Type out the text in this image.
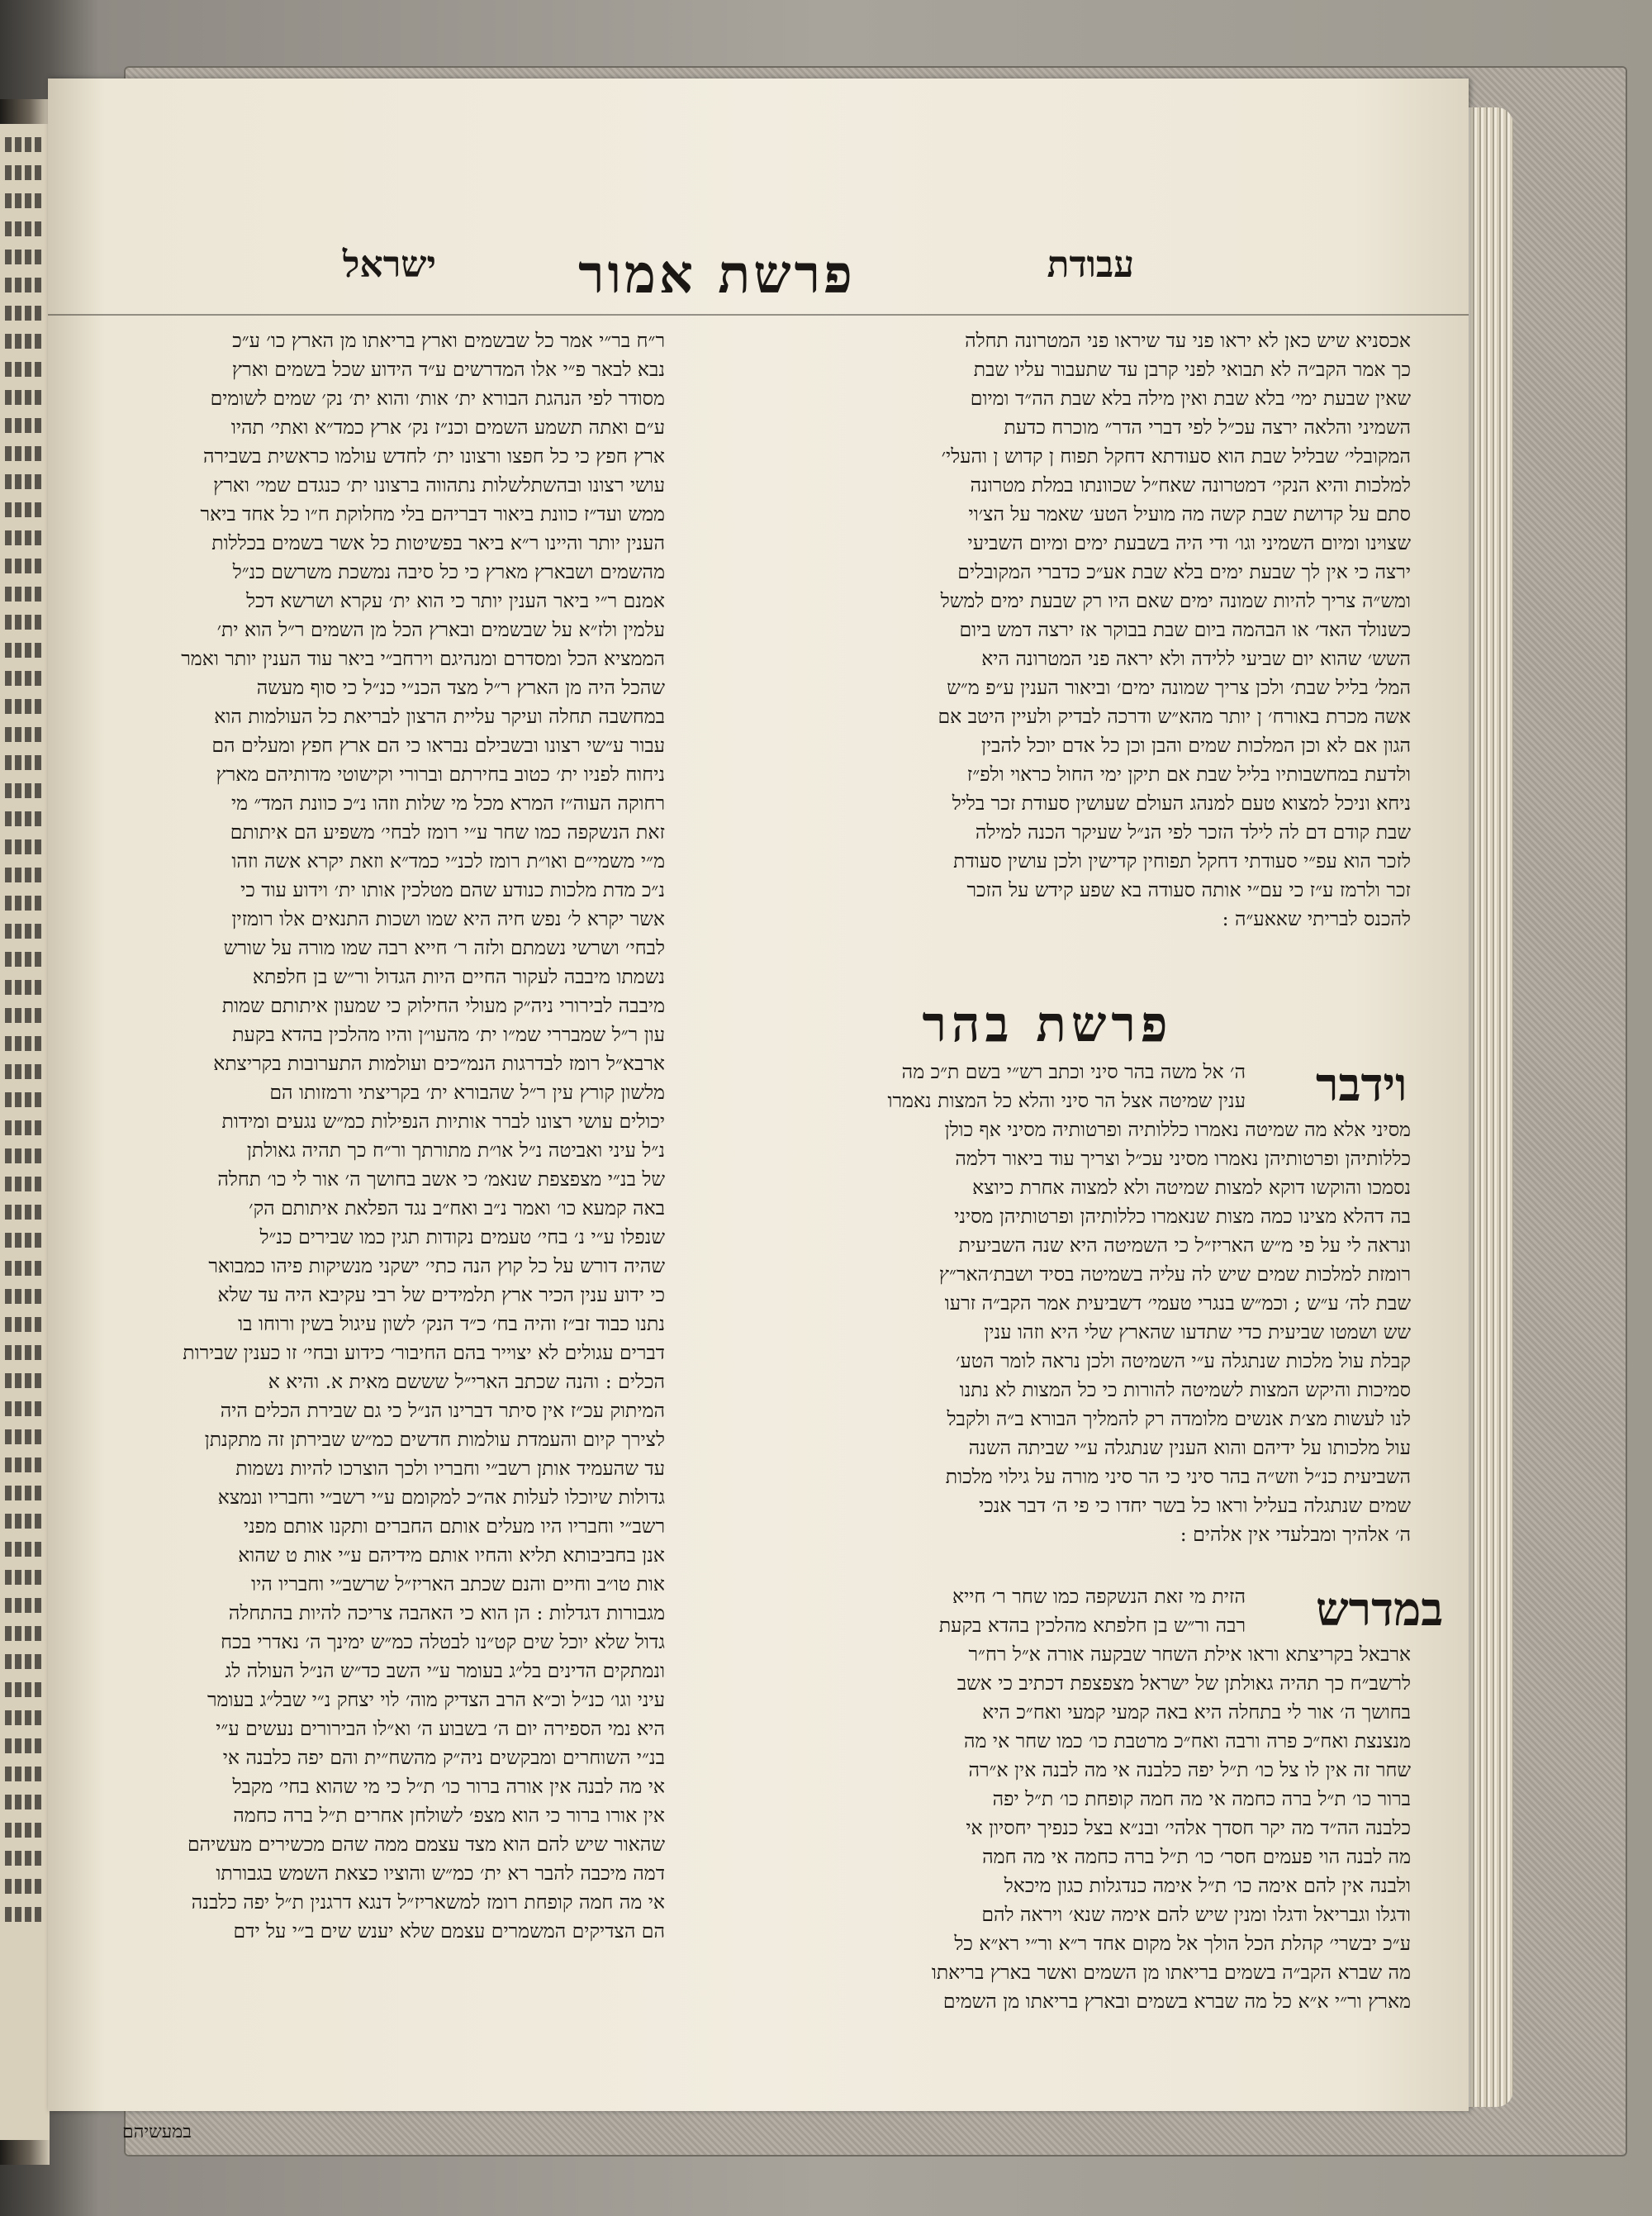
עבודת
פרשת אמור
ישראל
אכסניא שיש כאן לא יראו פני עד שיראו פני המטרונה תחלה
כך אמר הקב״ה לא תבואי לפני קרבן עד שתעבור עליו שבת
שאין שבעת ימי׳ בלא שבת ואין מילה בלא שבת הה״ד ומיום
השמיני והלאה ירצה עכ״ל לפי דברי הדר״ מוכרח כדעת
המקובלי׳ שבליל שבת הוא סעודתא דחקל תפוח ן קדוש ן והעלי׳
למלכות והיא הנקי׳ דמטרונה שאח״ל שכוונתו במלת מטרונה
סתם על קדושת שבת קשה מה מועיל הטע׳ שאמר על הצ׳וי
שצוינו ומיום השמיני וגו׳ ודי היה בשבעת ימים ומיום השביעי
ירצה כי אין לך שבעת ימים בלא שבת אע״כ כדברי המקובלים
ומש״ה צריך להיות שמונה ימים שאם היו רק שבעת ימים למשל
כשנולד האד׳ או הבהמה ביום שבת בבוקר אז ירצה דמש ביום
השש׳ שהוא יום שביעי ללידה ולא יראה פני המטרונה היא
המל׳ בליל שבת׳ ולכן צריך שמונה ימים׳ וביאור הענין ע״פ מ״ש
אשה מכרת באורח׳ ן יותר מהא״ש ודרכה לבדיק ולעיין היטב אם
הגון אם לא וכן המלכות שמים והבן וכן כל אדם יוכל להבין
ולדעת במחשבותיו בליל שבת אם תיקן ימי החול כראוי ולפ״ז
ניחא וניכל למצוא טעם למנהג העולם שעושין סעודת זכר בליל
שבת קודם דם לה לילד הזכר לפי הנ״ל שעיקר הכנה למילה
לזכר הוא עפ״י סעודתי דחקל תפוחין קדישין ולכן עושין סעודת
זכר ולרמז ע״ז כי עם״י אותה סעודה בא שפע קידש על הזכר
להכנס לבריתי שאאע״ה :
פרשת בהר
וידבר
ה׳ אל משה בהר סיני וכתב רש״י בשם ת״כ מה
ענין שמיטה אצל הר סיני והלא כל המצות נאמרו
מסיני אלא מה שמיטה נאמרו כללותיה ופרטותיה מסיני אף כולן
כללותיהן ופרטותיהן נאמרו מסיני עכ״ל וצריך עוד ביאור דלמה
נסמכו והוקשו דוקא למצות שמיטה ולא למצוה אחרת כיוצא
בה דהלא מצינו כמה מצות שנאמרו כללותיהן ופרטותיהן מסיני
ונראה לי על פי מ״ש האריז״ל כי השמיטה היא שנה השביעית
רומזת למלכות שמים שיש לה עליה בשמיטה בסיד ושבת׳האר״ץ
שבת לה׳ ע״ש ; וכמ״ש בנגרי טעמי׳ דשביעית אמר הקב״ה זרעו
שש ושמטו שביעית כדי שתדעו שהארץ שלי היא וזהו ענין
קבלת עול מלכות שנתגלה ע״י השמיטה ולכן נראה לומר הטע׳
סמיכות והיקש המצות לשמיטה להורות כי כל המצות לא נתנו
לנו לעשות מצ׳ת אנשים מלומדה רק להמליך הבורא ב״ה ולקבל
עול מלכותו על ידיהם והוא הענין שנתגלה ע״י שביתה השנה
השביעית כנ״ל וזש״ה בהר סיני כי הר סיני מורה על גילוי מלכות
שמים שנתגלה בעליל וראו כל בשר יחדו כי פי ה׳ דבר אנכי
ה׳ אלהיך ומבלעדי אין אלהים :
במדרש
הזית מי זאת הנשקפה כמו שחר ר׳ חייא
רבה ור״ש בן חלפתא מהלכין בהדא בקעת
ארבאל בקריצתא וראו אילת השחר שבקעה אורה א״ל רח״ר
לרשב״ח כך תהיה גאולתן של ישראל מצפצפת דכתיב כי אשב
בחושך ה׳ אור לי בתחלה היא באה קמעי קמעי ואח״כ היא
מנצנצת ואח״כ פרה ורבה ואח״כ מרטבת כו׳ כמו שחר אי מה
שחר זה אין לו צל כו׳ ת״ל יפה כלבנה אי מה לבנה אין א״רה
ברור כו׳ ת״ל ברה כחמה אי מה חמה קופחת כו׳ ת״ל יפה
כלבנה הה״ד מה יקר חסדך אלהי׳ ובנ״א בצל כנפיך יחסיון אי
מה לבנה הוי פעמים חסר׳ כו׳ ת״ל ברה כחמה אי מה חמה
ולבנה אין להם אימה כו׳ ת״ל אימה כנדגלות כגון מיכאל
ודגלו וגבריאל ודגלו ומנין שיש להם אימה שנא׳ ויראה להם
ע״כ יבשרי׳ קהלת הכל הולך אל מקום אחד ר״א ור״י רא״א כל
מה שברא הקב״ה בשמים בריאתו מן השמים ואשר בארץ בריאתו
מארץ ור״י א״א כל מה שברא בשמים ובארץ בריאתו מן השמים
ר״ח בר״י אמר כל שבשמים וארץ בריאתו מן הארץ כו׳ ע״כ
נבא לבאר פ״י אלו המדרשים ע״ד הידוע שכל בשמים וארץ
מסודר לפי הנהגת הבורא ית׳ אות׳ והוא ית׳ נק׳ שמים לשומים
ע״ם ואתה תשמע השמים וכנ״ז נק׳ ארץ כמד״א ואתי׳ תהיו
ארץ חפץ כי כל חפצו ורצונו ית׳ לחדש עולמו כראשית בשבירה
עושי רצונו ובהשתלשלות נתהווה ברצונו ית׳ כנגדם שמי׳ וארץ
ממש ועד״ז כוונת ביאור דבריהם בלי מחלוקת ח״ו כל אחד ביאר
הענין יותר והיינו ר״א ביאר בפשיטות כל אשר בשמים בכללות
מהשמים ושבארץ מארץ כי כל סיבה נמשכת משרשם כנ״ל
אמנם ר״י ביאר הענין יותר כי הוא ית׳ עקרא ושרשא דכל
עלמין ולז״א על שבשמים ובארץ הכל מן השמים ר״ל הוא ית׳
הממציא הכל ומסדרם ומנהיגם וירחב״י ביאר עוד הענין יותר ואמר
שהכל היה מן הארץ ר״ל מצד הכנ״י כנ״ל כי סוף מעשה
במחשבה תחלה ועיקר עליית הרצון לבריאת כל העולמות הוא
עבור ע״שי רצונו ובשבילם נבראו כי הם ארץ חפץ ומעלים הם
ניחוח לפניו ית׳ כטוב בחירתם וברורי וקישוטי מדותיהם מארץ
רחוקה העוה״ז המרא מכל מי שלות וזהו נ״כ כוונת המד״ מי
זאת הנשקפה כמו שחר ע״י רומז לבחי׳ משפיע הם איתותם
מ״י משמי״ם ואו״ת רומז לכנ״י כמד״א וזאת יקרא אשה וזהו
נ״כ מדת מלכות כנודע שהם מטלכין אותו ית׳ וידוע עוד כי
אשר יקרא ל׳ נפש חיה היא שמו ושכות התנאים אלו רומזין
לבחי׳ ושרשי נשמתם ולזה ר׳ חייא רבה שמו מורה על שורש
נשמתו מיבבה לעקור החיים היות הגדול ור״ש בן חלפתא
מיבבה לבירורי ניה״ק מעולי החילוק כי שמעון איתותם שמות
עון ר״ל שמבררי שמ״ו ית׳ מהעו״ן והיו מהלכין בהדא בקעת
ארבא״ל רומז לבדרגות הנמ״כים ועולמות התערובות בקריצתא
מלשון קורץ עין ר״ל שהבורא ית׳ בקריצתי ורמזותו הם
יכולים עושי רצונו לברר אותיות הנפילות כמ״ש נגעים ומידות
נ״ל עיני ואביטה נ״ל או״ת מתורתך ור״ח כך תהיה גאולתן
של בנ״י מצפצפת שנאמ׳ כי אשב בחושך ה׳ אור לי כו׳ תחלה
באה קמעא כו׳ ואמר נ״ב ואח״ב נגד הפלאת איתותם הק׳
שנפלו ע״י נ׳ בחי׳ טעמים נקודות תגין כמו שבירים כנ״ל
שהיה דורש על כל קוץ הנה כתי׳ ישקני מנשיקות פיהו כמבואר
כי ידוע ענין הכיר ארץ תלמידים של רבי עקיבא היה עד שלא
נתנו כבוד זב״ז והיה בח׳ כ״ד הנק׳ לשון עיגול בשין ורוחו בו
דברים עגולים לא יצוייר בהם החיבור׳ כידוע ובחי׳ זו כענין שבירות
הכלים : והנה שכתב הארי״ל שששם מאית א. והיא א
המיתוק עכ״ז אין סיתר דברינו הנ״ל כי גם שבירת הכלים היה
לצירך קיום והעמדת עולמות חדשים כמ״ש שבירתן זה מתקנתן
עד שהעמיד אותן רשב״י וחבריו ולכך הוצרכו להיות נשמות
גדולות שיוכלו לעלות אה״כ למקומם ע״י רשב״י וחבריו ונמצא
רשב״י וחבריו היו מעלים אותם החברים ותקנו אותם מפני
אנן בחביבותא תליא והחיו אותם מידיהם ע״י אות ט שהוא
אות טו״ב וחיים והנם שכתב האריז״ל שרשב״י וחבריו היו
מגבורות דגדלות : הן הוא כי האהבה צריכה להיות בהתחלה
גדול שלא יוכל שים קט״נו לבטלה כמ״ש ימינך ה׳ נאדרי בכח
ונמתקים הדינים בל״ג בעומר ע״י השב כד״ש הנ״ל העולה לג
עיני וגו׳ כנ״ל וכ״א הרב הצדיק מוה׳ לוי יצחק נ״י שבל״ג בעומר
היא נמי הספירה יום ה׳ בשבוע ה׳ וא״לו הבירורים נעשים ע״י
בנ״י השוחרים ומבקשים ניה״ק מהשח״ית והם יפה כלבנה אי
אי מה לבנה אין אורה ברור כו׳ ת״ל כי מי שהוא בחי׳ מקבל
אין אורו ברור כי הוא מצפ׳ לשולחן אחרים ת״ל ברה כחמה
שהאור שיש להם הוא מצד עצמם ממה שהם מכשירים מעשיהם
דמה מיכבה להבר רא ית׳ כמ״ש והוציו כצאת השמש בגבורתו
אי מה חמה קופחת רומז למשאריז״ל דנגא דרגנין ת״ל יפה כלבנה
הם הצדיקים המשמרים עצמם שלא יענש שים ב״י על ידם
במעשיהם
